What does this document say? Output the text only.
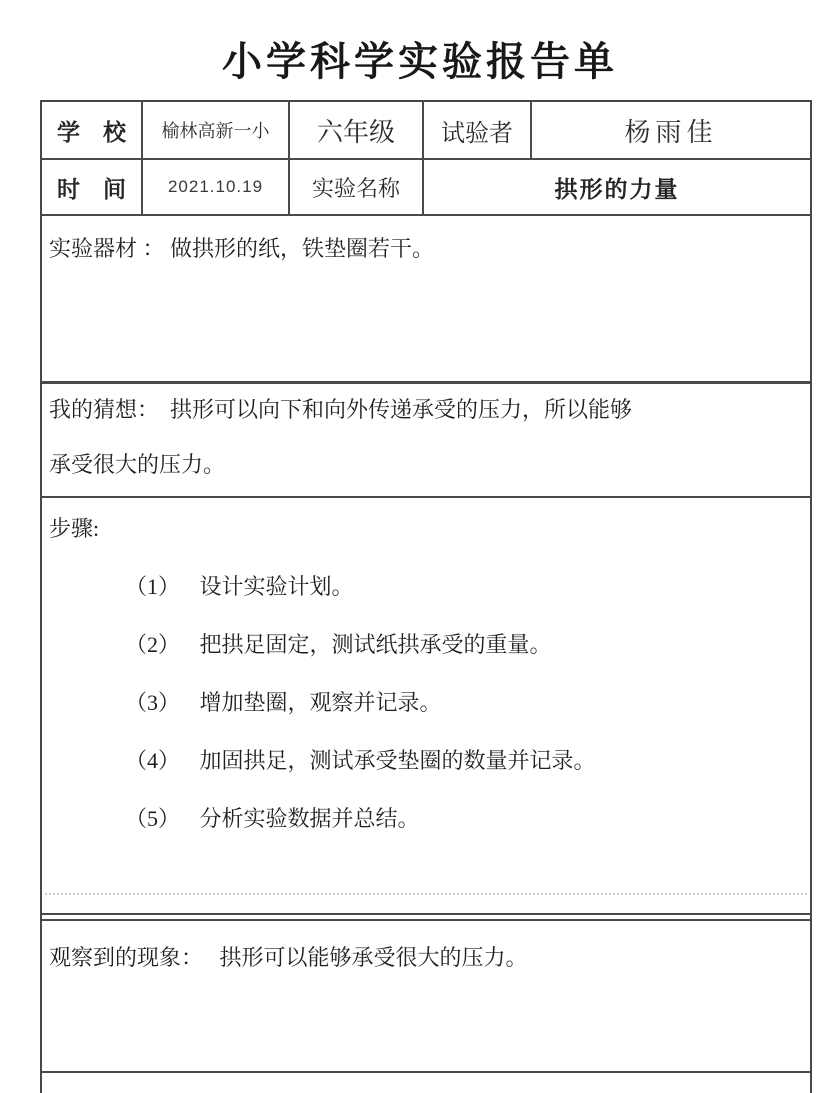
小学科学实验报告单
学　校	榆林高新一小	六年级	试验者	杨雨佳
时　间	2021.10.19	实验名称	拱形的力量
实验器材 ： 做拱形的纸，铁垫圈若干。
我的猜想：　拱形可以向下和向外传递承受的压力，所以能够
承受很大的压力。
步骤:
（1） 设计实验计划。
（2） 把拱足固定，测试纸拱承受的重量。
（3） 增加垫圈，观察并记录。
（4） 加固拱足，测试承受垫圈的数量并记录。
（5） 分析实验数据并总结。
观察到的现象：　 拱形可以能够承受很大的压力。
